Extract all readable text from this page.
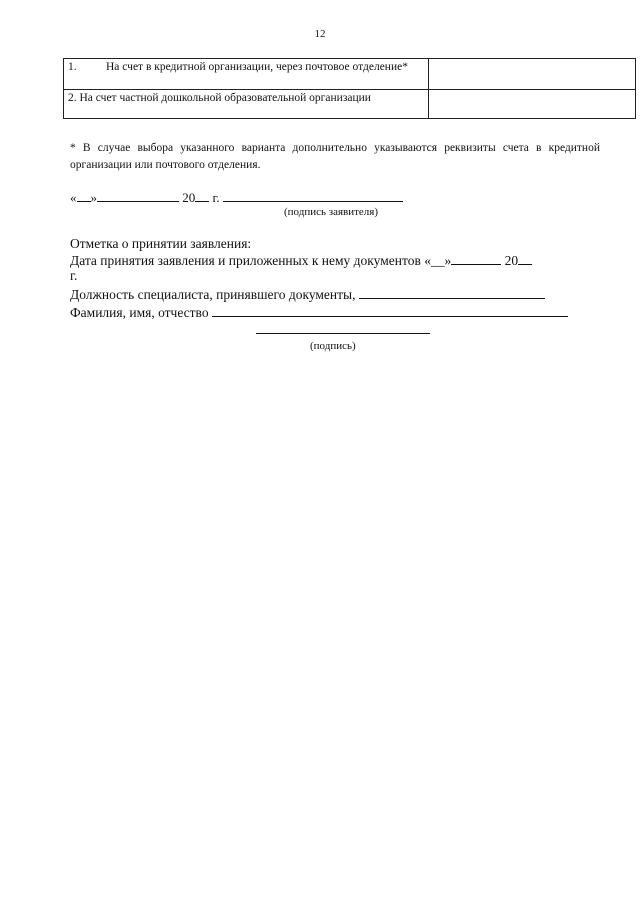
12
1. На счет в кредитной организации, через почтовое отделение*	
2. На счет частной дошкольной образовательной организации	
* В случае выбора указанного варианта дополнительно указываются реквизиты счета в кредитной организации или почтового отделения.
« »	20 г.
(подпись заявителя)
Отметка о принятии заявления:
Дата принятия заявления и приложенных к нему документов «__»	20
г.
Должность специалиста, принявшего документы,
Фамилия, имя, отчество
(подпись)
